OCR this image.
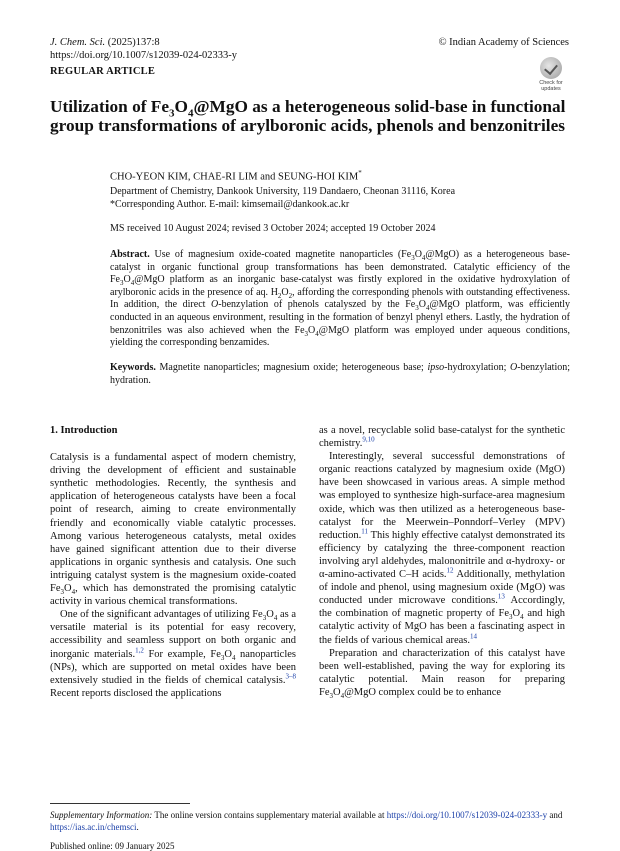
J. Chem. Sci. (2025)137:8
https://doi.org/10.1007/s12039-024-02333-y
© Indian Academy of Sciences
REGULAR ARTICLE
Check for
updates
Utilization of $Fe_3O_4@MgO$ as a heterogeneous solid-base in functional group transformations of arylboronic acids, phenols and benzonitriles
CHO-YEON KIM, CHAE-RI LIM and SEUNG-HOI KIM*
Department of Chemistry, Dankook University, 119 Dandaero, Cheonan 31116, Korea
*Corresponding Author. E-mail: kimsemail@dankook.ac.kr
MS received 10 August 2024; revised 3 October 2024; accepted 19 October 2024
Abstract. Use of magnesium oxide-coated magnetite nanoparticles $(Fe_3O_4@MgO)$ as a heterogeneous base-catalyst in organic functional group transformations has been demonstrated. Catalytic efficiency of the $Fe_3O_4@MgO$ platform as an inorganic base-catalyst was firstly explored in the oxidative hydroxylation of arylboronic acids in the presence of aq. $H_2O_2$, affording the corresponding phenols with outstanding effectiveness. In addition, the direct O-benzylation of phenols catalyszed by the $Fe_3O_4@MgO$ platform, was efficiently conducted in an aqueous environment, resulting in the formation of benzyl phenyl ethers. Lastly, the hydration of benzonitriles was also achieved when the $Fe_3O_4@MgO$ platform was employed under aqueous conditions, yielding the corresponding benzamides.
Keywords. Magnetite nanoparticles; magnesium oxide; heterogeneous base; ipso-hydroxylation; O-benzylation; hydration.
1. Introduction

Catalysis is a fundamental aspect of modern chemistry, driving the development of efficient and sustainable synthetic methodologies. Recently, the synthesis and application of heterogeneous catalysts have been a focal point of research, aiming to create environmentally friendly and economically viable catalytic processes. Among various heterogeneous catalysts, metal oxides have gained significant attention due to their diverse applications in organic synthesis and catalysis. One such intriguing catalyst system is the magnesium oxide-coated $Fe_3O_4$, which has demonstrated the promising catalytic activity in various chemical transformations.

One of the significant advantages of utilizing $Fe_3O_4$ as a versatile material is its potential for easy recovery, accessibility and seamless support on both organic and inorganic materials.$^{1,2}$ For example, $Fe_3O_4$ nanoparticles (NPs), which are supported on metal oxides have been extensively studied in the fields of chemical catalysis.$^{3-8}$ Recent reports disclosed the applications

as a novel, recyclable solid base-catalyst for the synthetic chemistry.$^{9,10}$

Interestingly, several successful demonstrations of organic reactions catalyzed by magnesium oxide (MgO) have been showcased in various areas. A simple method was employed to synthesize high-surface-area magnesium oxide, which was then utilized as a heterogeneous base-catalyst for the Meerwein–Ponndorf–Verley (MPV) reduction.$^{11}$ This highly effective catalyst demonstrated its efficiency by catalyzing the three-component reaction involving aryl aldehydes, malononitrile and α-hydroxy- or α-amino-activated C–H acids.$^{12}$ Additionally, methylation of indole and phenol, using magnesium oxide (MgO) was conducted under microwave conditions.$^{13}$ Accordingly, the combination of magnetic property of $Fe_3O_4$ and high catalytic activity of MgO has been a fascinating aspect in the fields of various chemical areas.$^{14}$

Preparation and characterization of this catalyst have been well-established, paving the way for exploring its catalytic potential. Main reason for preparing $Fe_3O_4@MgO$ complex could be to enhance

Supplementary Information: The online version contains supplementary material available at https://doi.org/10.1007/s12039-024-02333-y and https://ias.ac.in/chemsci.
Published online: 09 January 2025
